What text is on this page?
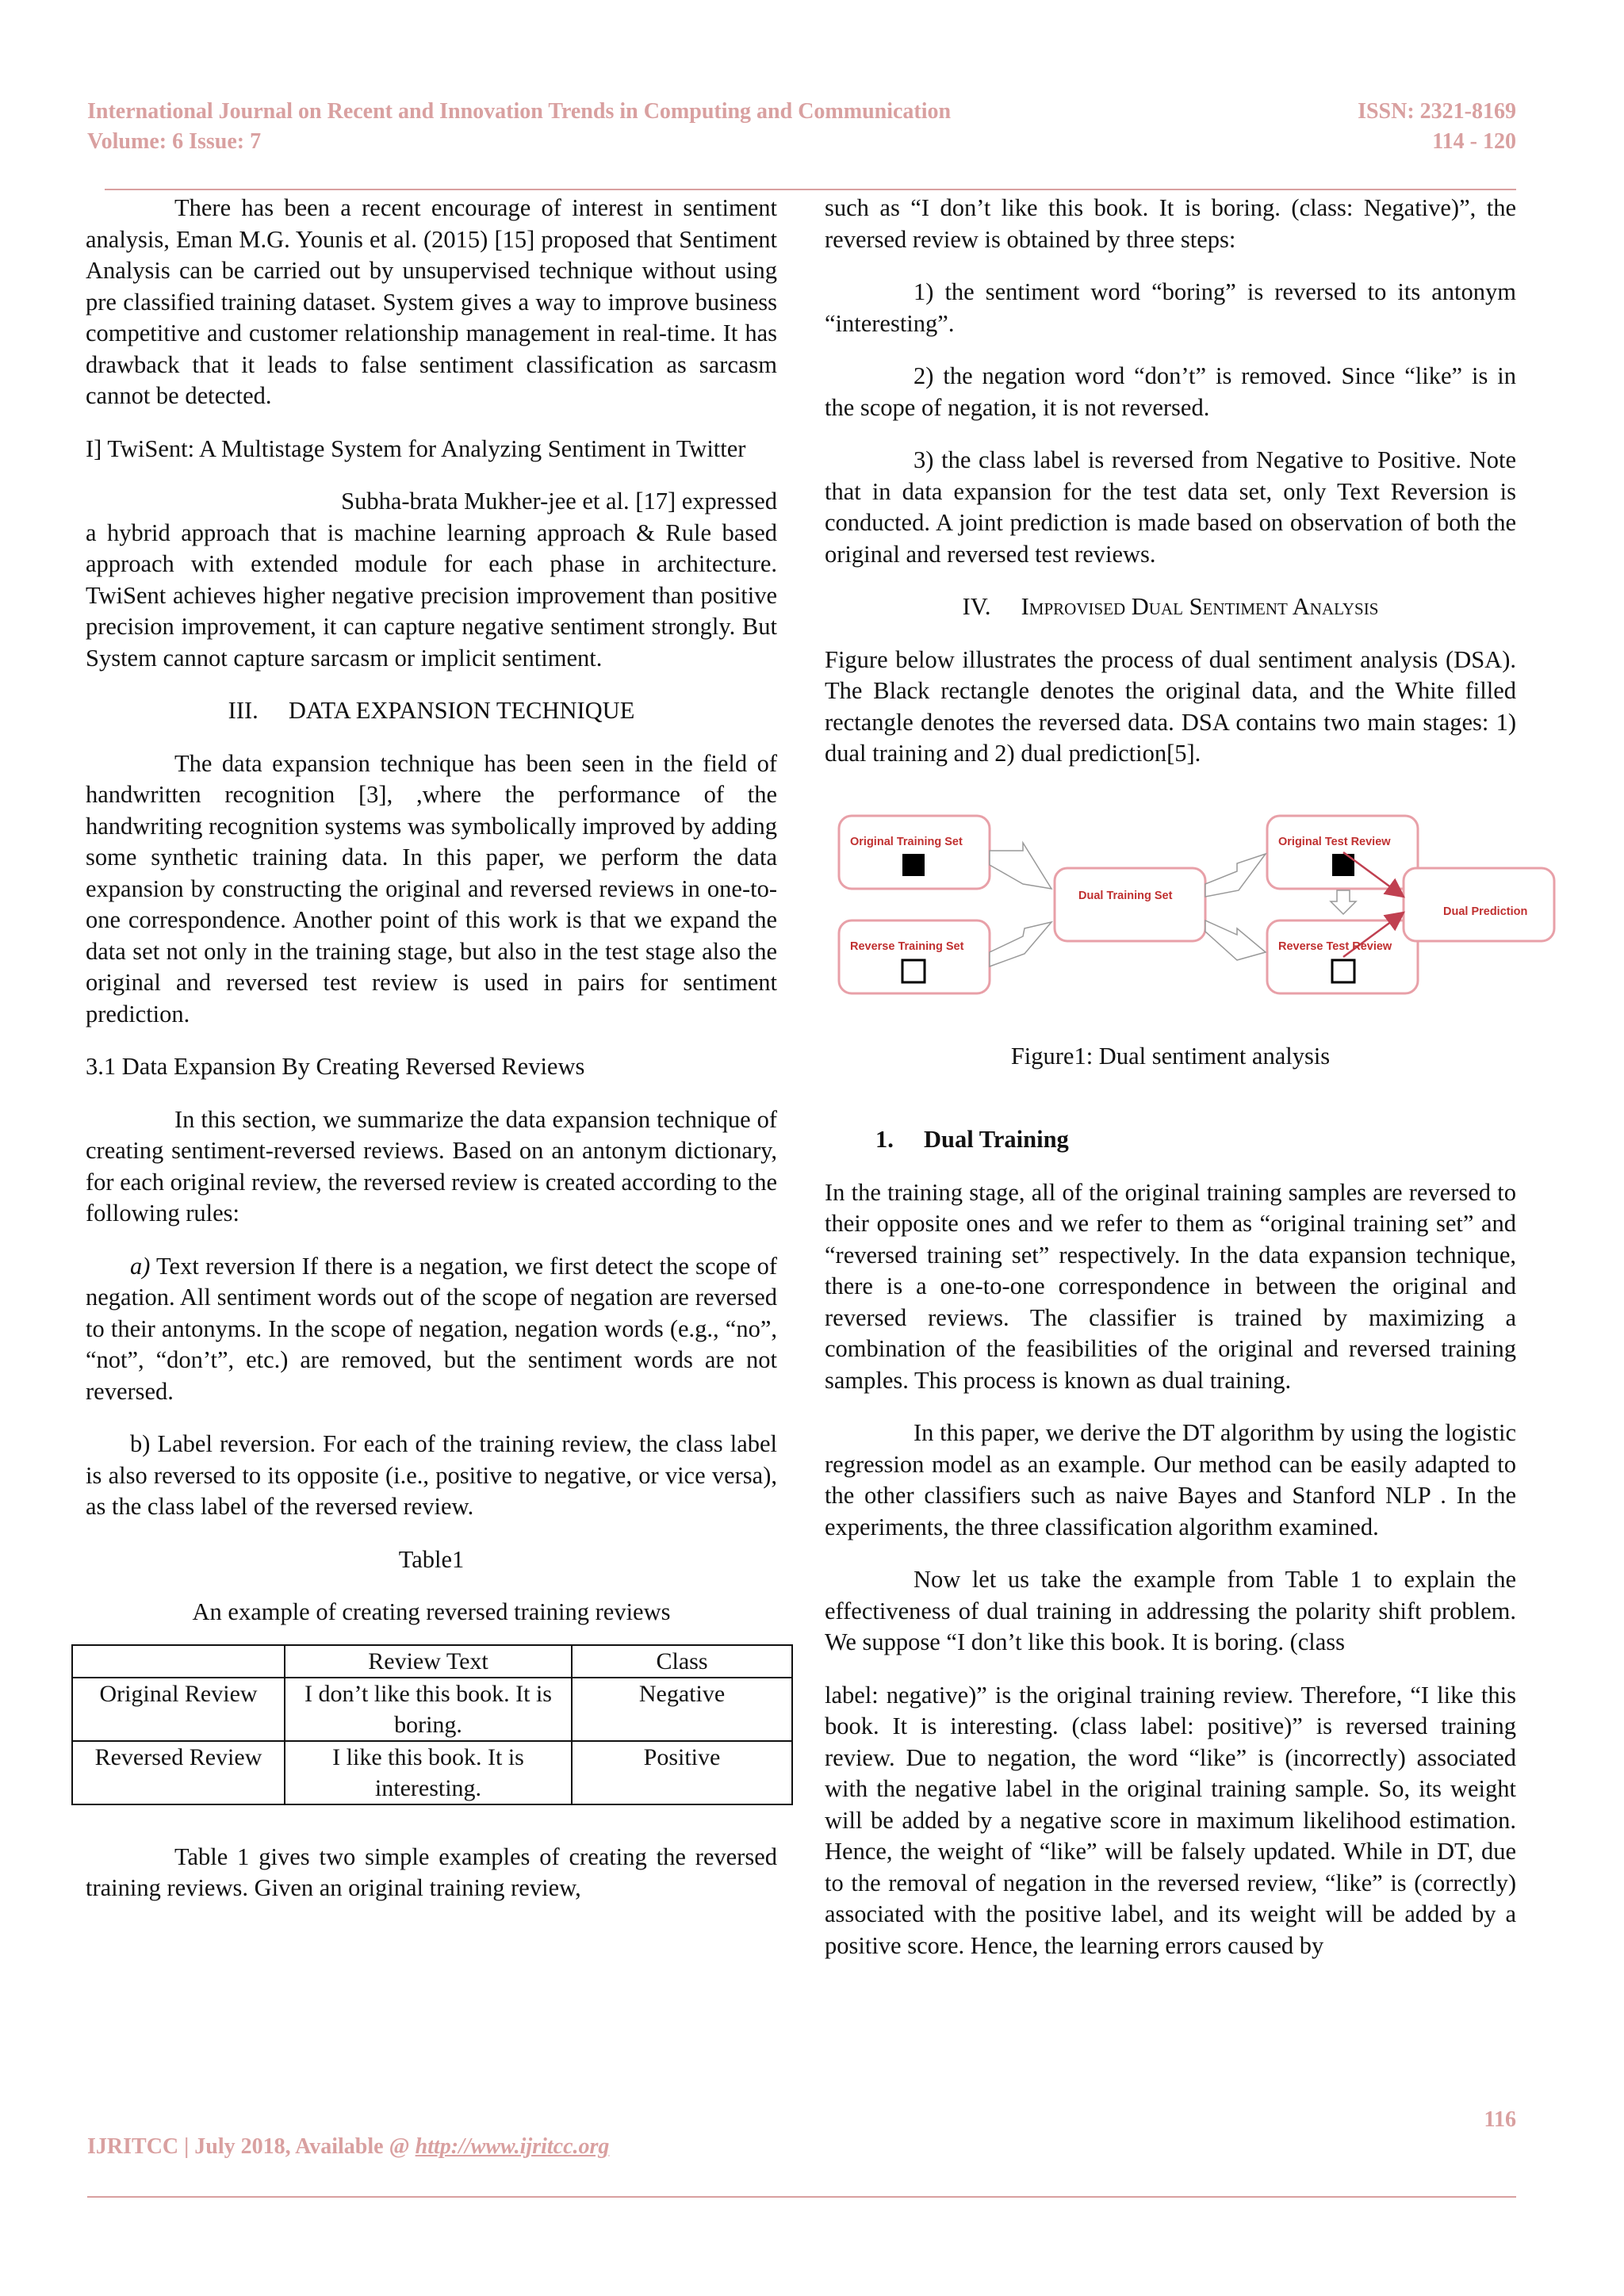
International Journal on Recent and Innovation Trends in Computing and Communication
Volume: 6 Issue: 7
ISSN: 2321-8169
114 - 120

There has been a recent encourage of interest in sentiment analysis, Eman M.G. Younis et al. (2015) [15] proposed that Sentiment Analysis can be carried out by unsupervised technique without using pre classified training dataset. System gives a way to improve business competitive and customer relationship management in real-time. It has drawback that it leads to false sentiment classification as sarcasm cannot be detected.

I] TwiSent: A Multistage System for Analyzing Sentiment in Twitter

Subha-brata Mukher-jee et al. [17] expressed

a hybrid approach that is machine learning approach & Rule based approach with extended module for each phase in architecture. TwiSent achieves higher negative precision improvement than positive precision improvement, it can capture negative sentiment strongly. But System cannot capture sarcasm or implicit sentiment.

III. DATA EXPANSION TECHNIQUE

The data expansion technique has been seen in the field of handwritten recognition [3], ,where the performance of the handwriting recognition systems was symbolically improved by adding some synthetic training data. In this paper, we perform the data expansion by constructing the original and reversed reviews in one-to-one correspondence. Another point of this work is that we expand the data set not only in the training stage, but also in the test stage also the original and reversed test review is used in pairs for sentiment prediction.

3.1 Data Expansion By Creating Reversed Reviews

In this section, we summarize the data expansion technique of creating sentiment-reversed reviews. Based on an antonym dictionary, for each original review, the reversed review is created according to the following rules:

a) Text reversion If there is a negation, we first detect the scope of negation. All sentiment words out of the scope of negation are reversed to their antonyms. In the scope of negation, negation words (e.g., “no”, “not”, “don’t”, etc.) are removed, but the sentiment words are not reversed.

b) Label reversion. For each of the training review, the class label is also reversed to its opposite (i.e., positive to negative, or vice versa), as the class label of the reversed review.

Table1

An example of creating reversed training reviews

	Review Text	Class
Original Review	I don’t like this book. It is boring.	Negative
Reversed Review	I like this book. It is interesting.	Positive

Table 1 gives two simple examples of creating the reversed training reviews. Given an original training review,

such as “I don’t like this book. It is boring. (class: Negative)”, the reversed review is obtained by three steps:

1) the sentiment word “boring” is reversed to its antonym “interesting”.

2) the negation word “don’t” is removed. Since “like” is in the scope of negation, it is not reversed.

3) the class label is reversed from Negative to Positive. Note that in data expansion for the test data set, only Text Reversion is conducted. A joint prediction is made based on observation of both the original and reversed test reviews.

IV. Improvised Dual Sentiment Analysis

Figure below illustrates the process of dual sentiment analysis (DSA). The Black rectangle denotes the original data, and the White filled rectangle denotes the reversed data. DSA contains two main stages: 1) dual training and 2) dual prediction[5].

Original Training Set
Reverse Training Set
Dual Training Set
Original Test Review
Reverse Test Review
Dual Prediction

Figure1: Dual sentiment analysis

1. Dual Training

In the training stage, all of the original training samples are reversed to their opposite ones and we refer to them as “original training set” and “reversed training set” respectively. In the data expansion technique, there is a one-to-one correspondence in between the original and reversed reviews. The classifier is trained by maximizing a combination of the feasibilities of the original and reversed training samples. This process is known as dual training.

In this paper, we derive the DT algorithm by using the logistic regression model as an example. Our method can be easily adapted to the other classifiers such as naive Bayes and Stanford NLP . In the experiments, the three classification algorithm examined.

Now let us take the example from Table 1 to explain the effectiveness of dual training in addressing the polarity shift problem. We suppose “I don’t like this book. It is boring. (class

label: negative)” is the original training review. Therefore, “I like this book. It is interesting. (class label: positive)” is reversed training review. Due to negation, the word “like” is (incorrectly) associated with the negative label in the original training sample. So, its weight will be added by a negative score in maximum likelihood estimation. Hence, the weight of “like” will be falsely updated. While in DT, due to the removal of negation in the reversed review, “like” is (correctly) associated with the positive label, and its weight will be added by a positive score. Hence, the learning errors caused by

116
IJRITCC | July 2018, Available @ http://www.ijritcc.org
